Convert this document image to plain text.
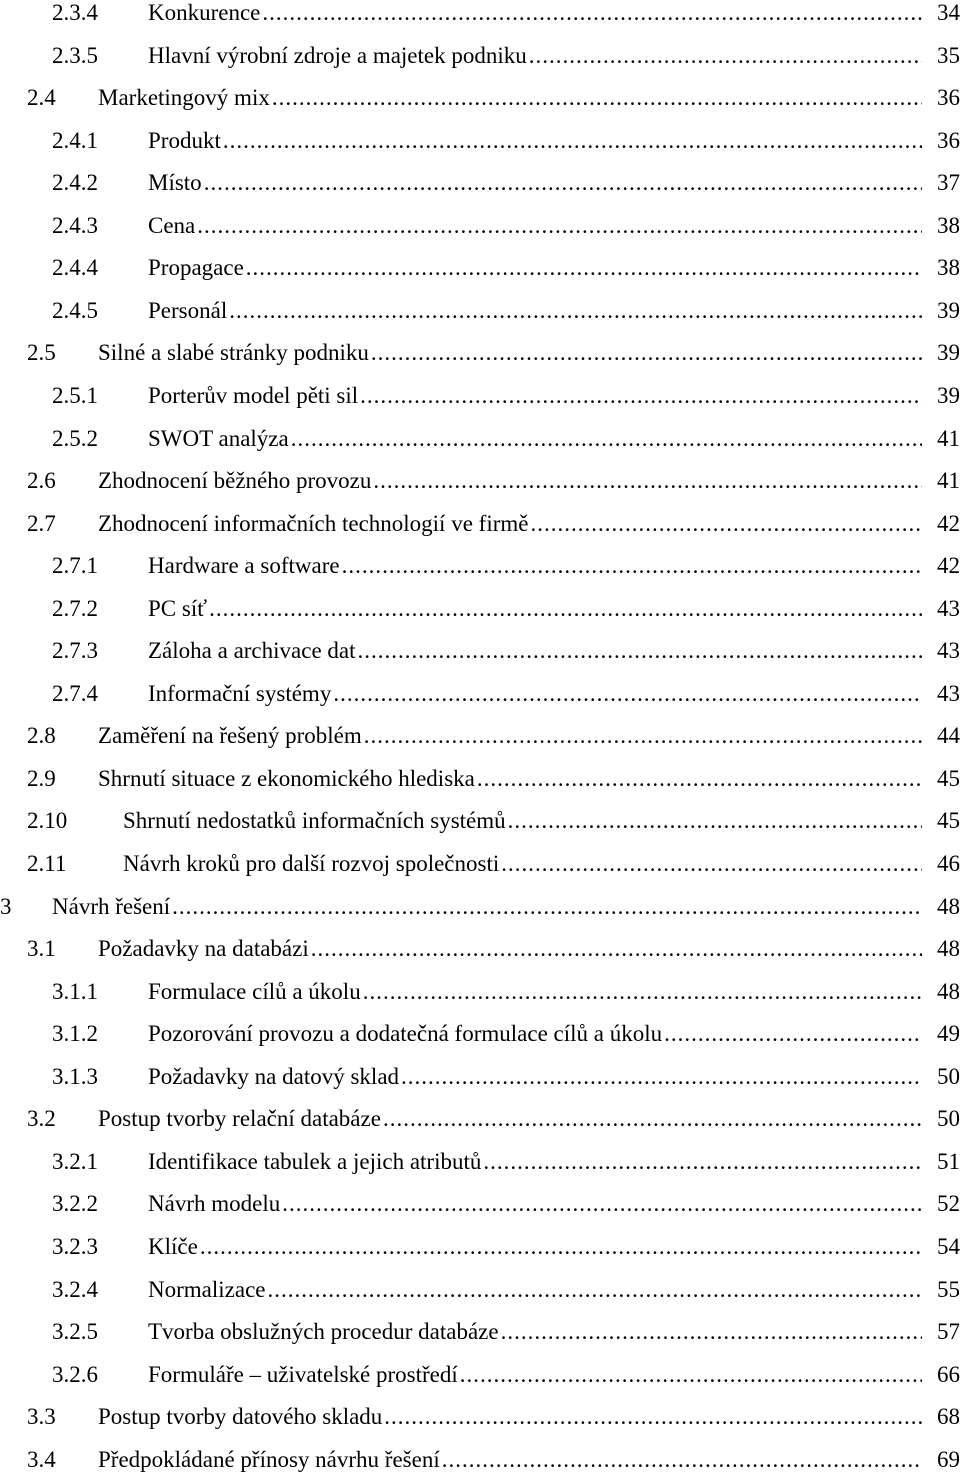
2.3.4 Konkurence .....	34
2.3.5 Hlavní výrobní zdroje a majetek podniku .....	35
2.4 Marketingový mix .....	36
2.4.1 Produkt .....	36
2.4.2 Místo .....	37
2.4.3 Cena .....	38
2.4.4 Propagace .....	38
2.4.5 Personál .....	39
2.5 Silné a slabé stránky podniku .....	39
2.5.1 Porterův model pěti sil .....	39
2.5.2 SWOT analýza .....	41
2.6 Zhodnocení běžného provozu .....	41
2.7 Zhodnocení informačních technologií ve firmě .....	42
2.7.1 Hardware a software .....	42
2.7.2 PC síť .....	43
2.7.3 Záloha a archivace dat .....	43
2.7.4 Informační systémy .....	43
2.8 Zaměření na řešený problém .....	44
2.9 Shrnutí situace z ekonomického hlediska .....	45
2.10 Shrnutí nedostatků informačních systémů .....	45
2.11 Návrh kroků pro další rozvoj společnosti .....	46
3 Návrh řešení .....	48
3.1 Požadavky na databázi .....	48
3.1.1 Formulace cílů a úkolu .....	48
3.1.2 Pozorování provozu a dodatečná formulace cílů a úkolu .....	49
3.1.3 Požadavky na datový sklad .....	50
3.2 Postup tvorby relační databáze .....	50
3.2.1 Identifikace tabulek a jejich atributů .....	51
3.2.2 Návrh modelu .....	52
3.2.3 Klíče .....	54
3.2.4 Normalizace .....	55
3.2.5 Tvorba obslužných procedur databáze .....	57
3.2.6 Formuláře – uživatelské prostředí .....	66
3.3 Postup tvorby datového skladu .....	68
3.4 Předpokládané přínosy návrhu řešení .....	69
